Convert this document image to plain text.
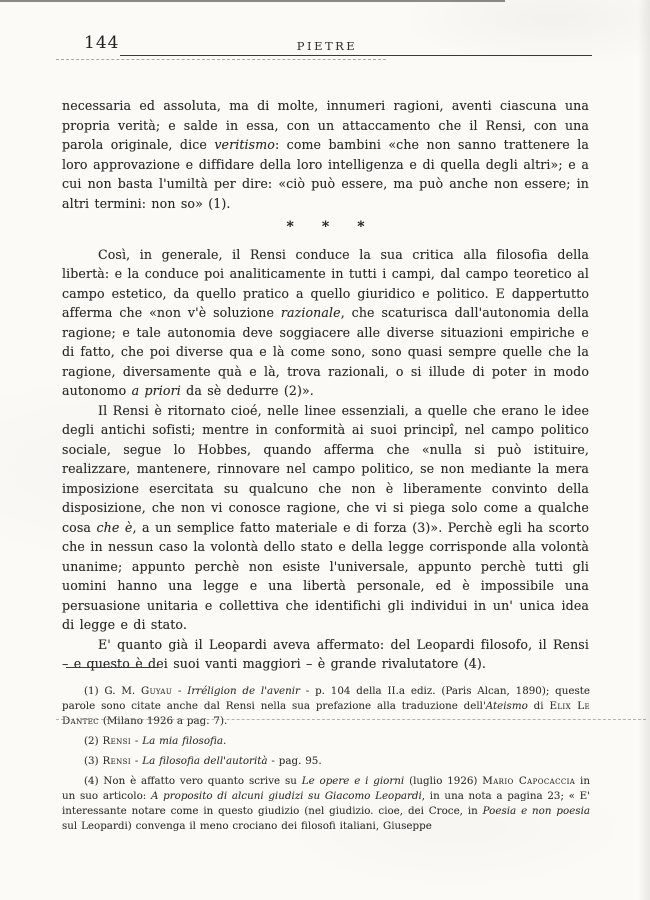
144	PIETRE

necessaria ed assoluta, ma di molte, innumeri ragioni, aventi ciascuna una propria verità; e salde in essa, con un attaccamento che il Rensi, con una parola originale, dice veritismo: come bambini «che non sanno trattenere la loro approvazione e diffidare della loro intelligenza e di quella degli altri»; e a cui non basta l'umiltà per dire: «ciò può essere, ma può anche non essere; in altri termini: non so» (1).

* * *

Così, in generale, il Rensi conduce la sua critica alla filosofia della libertà: e la conduce poi analiticamente in tutti i campi, dal campo teoretico al campo estetico, da quello pratico a quello giuridico e politico. E dappertutto afferma che «non v'è soluzione razionale, che scaturisca dall'autonomia della ragione; e tale autonomia deve soggiacere alle diverse situazioni empiriche e di fatto, che poi diverse qua e là come sono, sono quasi sempre quelle che la ragione, diversamente quà e là, trova razionali, o si illude di poter in modo autonomo a priori da sè dedurre (2)».

Il Rensi è ritornato cioé, nelle linee essenziali, a quelle che erano le idee degli antichi sofisti; mentre in conformità ai suoi principî, nel campo politico sociale, segue lo Hobbes, quando afferma che «nulla si può istituire, realizzare, mantenere, rinnovare nel campo politico, se non mediante la mera imposizione esercitata su qualcuno che non è liberamente convinto della disposizione, che non vi conosce ragione, che vi si piega solo come a qualche cosa che è, a un semplice fatto materiale e di forza (3)». Perchè egli ha scorto che in nessun caso la volontà dello stato e della legge corrisponde alla volontà unanime; appunto perchè non esiste l'universale, appunto perchè tutti gli uomini hanno una legge e una libertà personale, ed è impossibile una persuasione unitaria e collettiva che identifichi gli individui in un' unica idea di legge e di stato.

E' quanto già il Leopardi aveva affermato: del Leopardi filosofo, il Rensi – e questo è dei suoi vanti maggiori – è grande rivalutatore (4).

(1) G. M. Guyau - Irréligion de l'avenir - p. 104 della II.a ediz. (Paris Alcan, 1890); queste parole sono citate anche dal Rensi nella sua prefazione alla traduzione dell'Ateismo di Elix Le Dantec (Milano 1926 a pag. 7).

(2) Rensi - La mia filosofia.

(3) Rensi - La filosofia dell'autorità - pag. 95.

(4) Non è affatto vero quanto scrive su Le opere e i giorni (luglio 1926) Mario Capocaccia in un suo articolo: A proposito di alcuni giudizi su Giacomo Leopardi, in una nota a pagina 23; « E' interessante notare come in questo giudizio (nel giudizio. cioe, dei Croce, in Poesia e non poesia sul Leopardi) convenga il meno crociano dei filosofi italiani, Giuseppe
